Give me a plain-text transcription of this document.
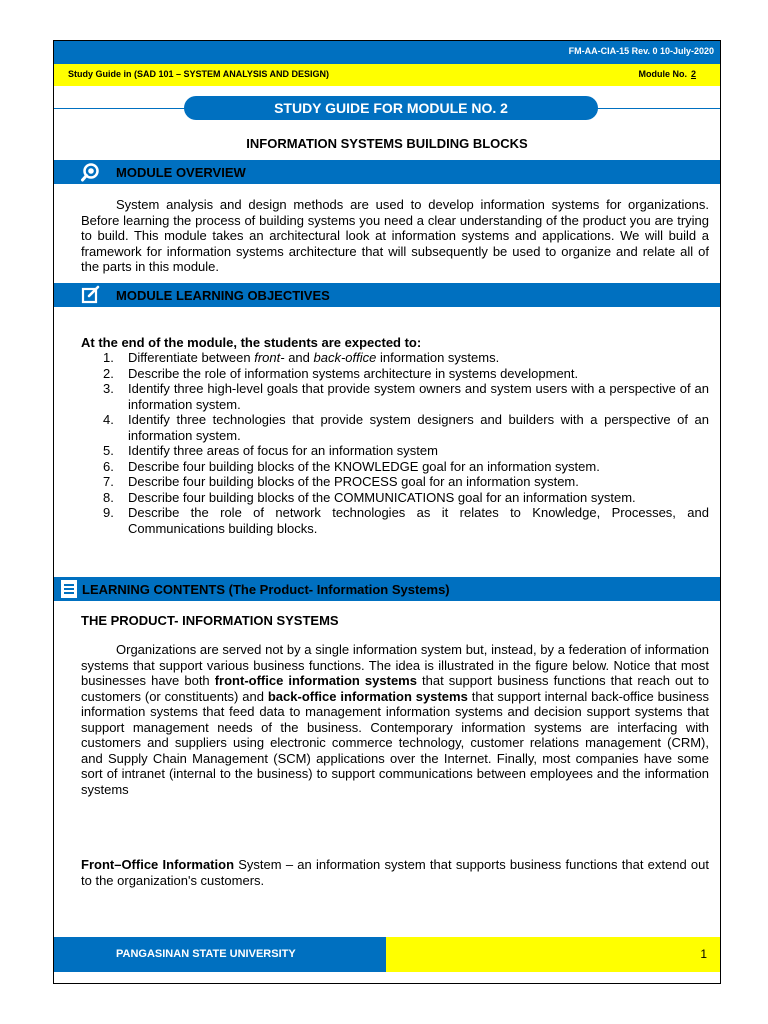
FM-AA-CIA-15 Rev. 0 10-July-2020
Study Guide in (SAD 101 – SYSTEM ANALYSIS AND DESIGN)	Module No. 2
STUDY GUIDE FOR MODULE NO. 2
INFORMATION SYSTEMS BUILDING BLOCKS
MODULE OVERVIEW
System analysis and design methods are used to develop information systems for organizations. Before learning the process of building systems you need a clear understanding of the product you are trying to build. This module takes an architectural look at information systems and applications. We will build a framework for information systems architecture that will subsequently be used to organize and relate all of the parts in this module.
MODULE LEARNING OBJECTIVES
At the end of the module, the students are expected to:
1.	Differentiate between front- and back-office information systems.
2.	Describe the role of information systems architecture in systems development.
3.	Identify three high-level goals that provide system owners and system users with a perspective of an information system.
4.	Identify three technologies that provide system designers and builders with a perspective of an information system.
5.	Identify three areas of focus for an information system
6.	Describe four building blocks of the KNOWLEDGE goal for an information system.
7.	Describe four building blocks of the PROCESS goal for an information system.
8.	Describe four building blocks of the COMMUNICATIONS goal for an information system.
9.	Describe the role of network technologies as it relates to Knowledge, Processes, and Communications building blocks.
LEARNING CONTENTS (The Product- Information Systems)
THE PRODUCT- INFORMATION SYSTEMS
Organizations are served not by a single information system but, instead, by a federation of information systems that support various business functions. The idea is illustrated in the figure below. Notice that most businesses have both front-office information systems that support business functions that reach out to customers (or constituents) and back-office information systems that support internal back-office business information systems that feed data to management information systems and decision support systems that support management needs of the business. Contemporary information systems are interfacing with customers and suppliers using electronic commerce technology, customer relations management (CRM), and Supply Chain Management (SCM) applications over the Internet. Finally, most companies have some sort of intranet (internal to the business) to support communications between employees and the information systems
Front–Office Information System – an information system that supports business functions that extend out to the organization's customers.
PANGASINAN STATE UNIVERSITY	1
